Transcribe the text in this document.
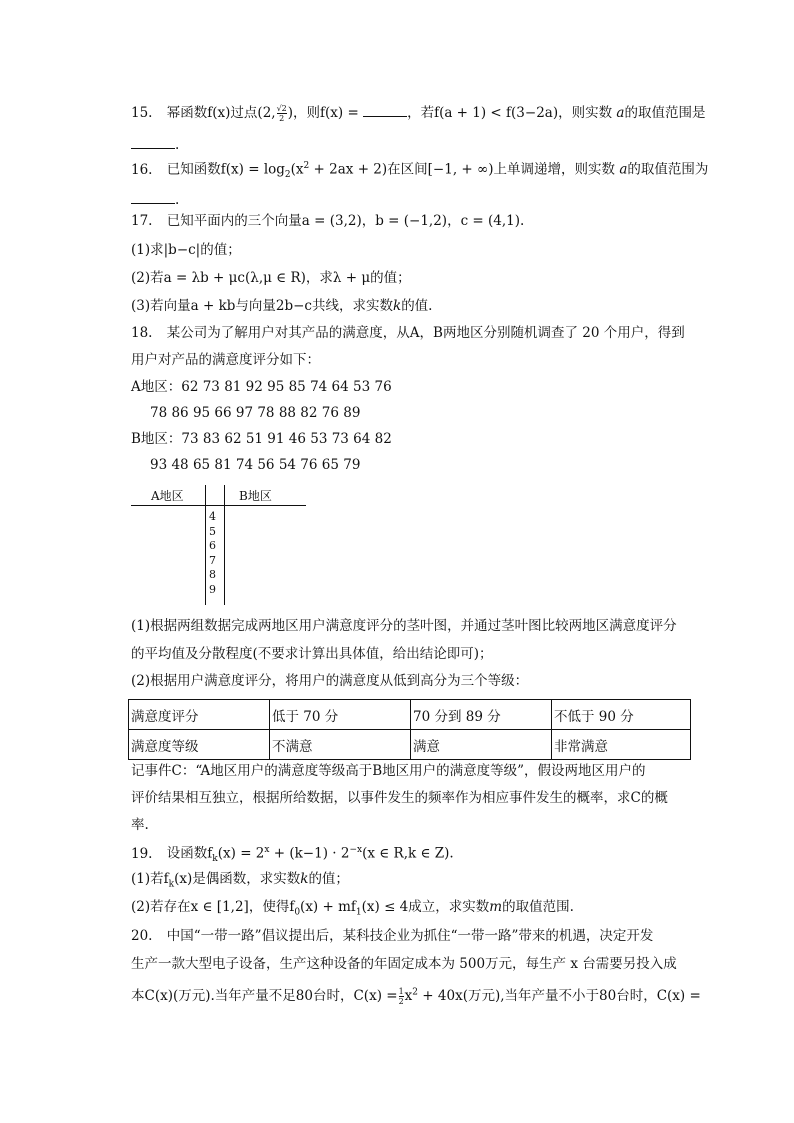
15. 幂函数f(x)过点(2, $\frac{√2}{2}$ )，则f(x) =	，若f(a + 1) < f(3−2a)，则实数 a的取值范围是
.
16. 已知函数$f(x) = \log_2(x^2 + 2ax + 2)$在区间[−1, + ∞)上单调递增，则实数 a的取值范围为
.
17. 已知平面内的三个向量a = (3,2)，b = (−1,2)，c = (4,1).
(1)求|b−c|的值；
(2)若a = λb + μc(λ,μ ∈ R)，求λ + μ的值；
(3)若向量a + kb与向量2b−c共线，求实数k的值.
18. 某公司为了解用户对其产品的满意度，从A，B两地区分别随机调查了 20 个用户，得到
用户对产品的满意度评分如下：
A地区：62 73 81 92 95 85 74 64 53 76
78 86 95 66 97 78 88 82 76 89
B地区：73 83 62 51 91 46 53 73 64 82
93 48 65 81 74 56 54 76 65 79
A地区	B地区
4
5
6
7
8
9
(1)根据两组数据完成两地区用户满意度评分的茎叶图，并通过茎叶图比较两地区满意度评分
的平均值及分散程度(不要求计算出具体值，给出结论即可)；
(2)根据用户满意度评分，将用户的满意度从低到高分为三个等级：
满意度评分	低于 70 分	70 分到 89 分	不低于 90 分
满意度等级	不满意	满意	非常满意
记事件C：“A地区用户的满意度等级高于B地区用户的满意度等级”，假设两地区用户的
评价结果相互独立，根据所给数据，以事件发生的频率作为相应事件发生的概率，求C的概
率.
19. 设函数$f_k(x) = 2^x + (k-1) \cdot 2^{-x}(x$ ∈ R,k ∈ Z).
(1)若$f_k(x)$是偶函数，求实数k的值；
(2)若存在x ∈ [1,2]，使得$f_0(x) + mf_1(x) \le 4$成立，求实数m的取值范围.
20. 中国“一带一路”倡议提出后，某科技企业为抓住“一带一路”带来的机遇，决定开发
生产一款大型电子设备，生产这种设备的年固定成本为 500万元，每生产 x 台需要另投入成
本C(x)(万元).当年产量不足80台时，$C(x) = \frac{1}{2} x^2 + 40x$(万元),当年产量不小于80台时，C(x) =
